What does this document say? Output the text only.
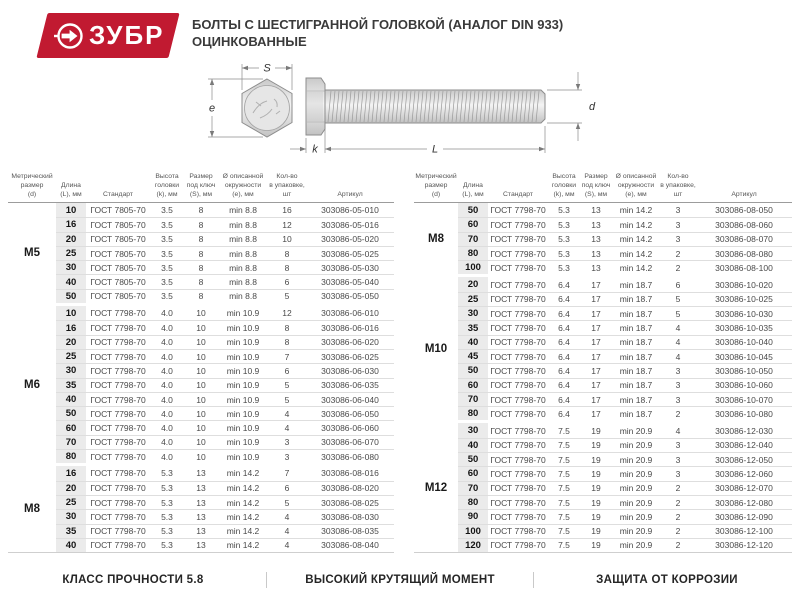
ЗУБР БОЛТЫ С ШЕСТИГРАННОЙ ГОЛОВКОЙ (АНАЛОГ DIN 933)
ОЦИНКОВАННЫЕ
S
e
k	L
d
Метрический
размер
(d)
Длина
(L), мм	Стандарт
Высота
головки
(k), мм
Размер
под ключ
(S), мм
Ø описанной
окружности
(е), мм
Кол-во
в упаковке,
шт	Артикул
M5
10	ГОСТ 7805-70	3.5	8	min 8.8	16	303086-05-010
16	ГОСТ 7805-70	3.5	8	min 8.8	12	303086-05-016
20	ГОСТ 7805-70	3.5	8	min 8.8	10	303086-05-020
25	ГОСТ 7805-70	3.5	8	min 8.8	8	303086-05-025
30	ГОСТ 7805-70	3.5	8	min 8.8	8	303086-05-030
40	ГОСТ 7805-70	3.5	8	min 8.8	6	303086-05-040
50	ГОСТ 7805-70	3.5	8	min 8.8	5	303086-05-050
M6
10	ГОСТ 7798-70	4.0	10	min 10.9	12	303086-06-010
16	ГОСТ 7798-70	4.0	10	min 10.9	8	303086-06-016
20	ГОСТ 7798-70	4.0	10	min 10.9	8	303086-06-020
25	ГОСТ 7798-70	4.0	10	min 10.9	7	303086-06-025
30	ГОСТ 7798-70	4.0	10	min 10.9	6	303086-06-030
35	ГОСТ 7798-70	4.0	10	min 10.9	5	303086-06-035
40	ГОСТ 7798-70	4.0	10	min 10.9	5	303086-06-040
50	ГОСТ 7798-70	4.0	10	min 10.9	4	303086-06-050
60	ГОСТ 7798-70	4.0	10	min 10.9	4	303086-06-060
70	ГОСТ 7798-70	4.0	10	min 10.9	3	303086-06-070
80	ГОСТ 7798-70	4.0	10	min 10.9	3	303086-06-080
M8
16	ГОСТ 7798-70	5.3	13	min 14.2	7	303086-08-016
20	ГОСТ 7798-70	5.3	13	min 14.2	6	303086-08-020
25	ГОСТ 7798-70	5.3	13	min 14.2	5	303086-08-025
30	ГОСТ 7798-70	5.3	13	min 14.2	4	303086-08-030
35	ГОСТ 7798-70	5.3	13	min 14.2	4	303086-08-035
40	ГОСТ 7798-70	5.3	13	min 14.2	4	303086-08-040
Метрический
размер
(d)
Длина
(L), мм	Стандарт
Высота
головки
(k), мм
Размер
под ключ
(S), мм
Ø описанной
окружности
(е), мм
Кол-во
в упаковке,
шт	Артикул
M8
50	ГОСТ 7798-70	5.3	13	min 14.2	3	303086-08-050
60	ГОСТ 7798-70	5.3	13	min 14.2	3	303086-08-060
70	ГОСТ 7798-70	5.3	13	min 14.2	3	303086-08-070
80	ГОСТ 7798-70	5.3	13	min 14.2	2	303086-08-080
100	ГОСТ 7798-70	5.3	13	min 14.2	2	303086-08-100
M10
20	ГОСТ 7798-70	6.4	17	min 18.7	6	303086-10-020
25	ГОСТ 7798-70	6.4	17	min 18.7	5	303086-10-025
30	ГОСТ 7798-70	6.4	17	min 18.7	5	303086-10-030
35	ГОСТ 7798-70	6.4	17	min 18.7	4	303086-10-035
40	ГОСТ 7798-70	6.4	17	min 18.7	4	303086-10-040
45	ГОСТ 7798-70	6.4	17	min 18.7	4	303086-10-045
50	ГОСТ 7798-70	6.4	17	min 18.7	3	303086-10-050
60	ГОСТ 7798-70	6.4	17	min 18.7	3	303086-10-060
70	ГОСТ 7798-70	6.4	17	min 18.7	3	303086-10-070
80	ГОСТ 7798-70	6.4	17	min 18.7	2	303086-10-080
M12
30	ГОСТ 7798-70	7.5	19	min 20.9	4	303086-12-030
40	ГОСТ 7798-70	7.5	19	min 20.9	3	303086-12-040
50	ГОСТ 7798-70	7.5	19	min 20.9	3	303086-12-050
60	ГОСТ 7798-70	7.5	19	min 20.9	3	303086-12-060
70	ГОСТ 7798-70	7.5	19	min 20.9	2	303086-12-070
80	ГОСТ 7798-70	7.5	19	min 20.9	2	303086-12-080
90	ГОСТ 7798-70	7.5	19	min 20.9	2	303086-12-090
100	ГОСТ 7798-70	7.5	19	min 20.9	2	303086-12-100
120	ГОСТ 7798-70	7.5	19	min 20.9	2	303086-12-120
КЛАСС ПРОЧНОСТИ 5.8	ВЫСОКИЙ КРУТЯЩИЙ МОМЕНТ	ЗАЩИТА ОТ КОРРОЗИИ
